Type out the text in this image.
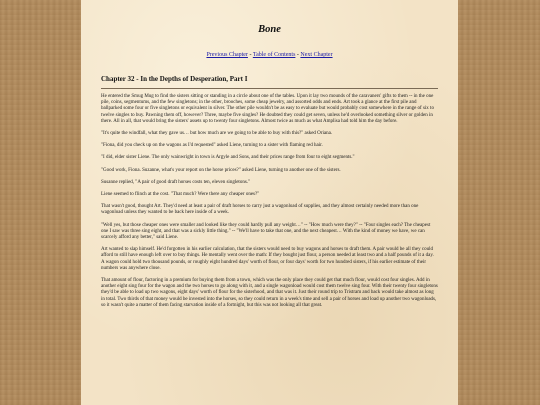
Bone
Previous Chapter - Table of Contents - Next Chapter
Chapter 32 - In the Depths of Desperation, Part I

He entered the Smug Mug to find the sisters sitting or standing in a circle about one of the tables. Upon it lay two mounds of the caravaners' gifts to them -- in the one pile, coins, segmentums, and the few singletons; in the other, brooches, some cheap jewelry, and assorted odds and ends. Art took a glance at the first pile and ballparked some four or five singletons or equivalent in silver. The other pile wouldn't be as easy to evaluate but would probably cost somewhere in the range of six to twelve singles to buy. Pawning them off, however? Three, maybe five singles? He doubted they could get seven, unless he'd overlooked something silver or golden in there. All in all, that would bring the sisters' assets up to twenty four singletons. Almost twice as much as what Amplisa had told him the day before.

"It's quite the windfall, what they gave us… but how much are we going to be able to buy with this?" asked Oriana.

"Fiona, did you check up on the wagons as I'd requested" asked Liene, turning to a sister with flaming red hair.

"I did, elder sister Liene. The only wainwright in town is Argyle and Sons, and their prices range from four to eight segments."

"Good work, Fiona. Suzanne, what's your report on the horse prices?" asked Liene, turning to another one of the sisters.

Susanne replied, "A pair of good draft horses costs ten, eleven singletons."

Liene seemed to flinch at the cost. "That much? Were there any cheaper ones?"

That wasn't good, thought Art. They'd need at least a pair of draft horses to carry just a wagonload of supplies, and they almost certainly needed more than one wagonload unless they wanted to be back here inside of a week.

"Well yes, but those cheaper ones were smaller and looked like they could hardly pull any weight…" -- "How much were they?" -- "Four singles each? The cheapest one I saw was three sing eight, and that was a sickly little thing." -- "We'll have to take that one, and the next cheapest… With the kind of money we have, we can scarcely afford any better," said Liene.

Art wanted to slap himself. He'd forgotten in his earlier calculation, that the sisters would need to buy wagons and horses to draft them. A pair would be all they could afford to still have enough left over to buy things. He mentally went over the math: If they bought just flour, a person needed at least two and a half pounds of it a day. A wagon could hold two thousand pounds, or roughly eight hundred days' worth of flour, or four days' worth for two hundred sisters, if his earlier estimate of their numbers was anywhere close.

That amount of flour, factoring in a premium for buying them from a town, which was the only place they could get that much flour, would cost four singles. Add in another eight sing four for the wagon and the two horses to go along with it, and a single wagonload would cost them twelve sing four. With their twenty four singletons they'd be able to load up two wagons, eight days' worth of flour for the sisterhood, and that was it. Just their round trip to Tristram and back would take almost as long in total. Two thirds of that money would be invested into the horses, so they could return in a week's time and sell a pair of horses and load up another two wagonloads, so it wasn't quite a matter of them facing starvation inside of a fortnight, but this was not looking all that great.
